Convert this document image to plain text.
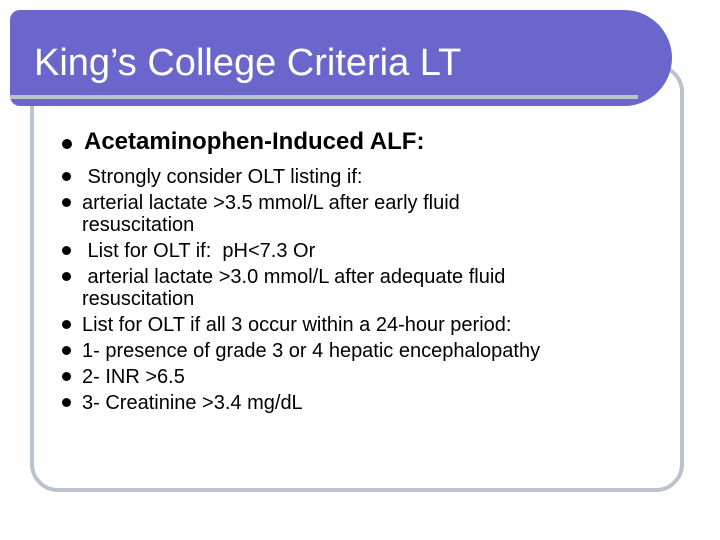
King’s College Criteria LT
Acetaminophen-Induced ALF:
Strongly consider OLT listing if:
arterial lactate >3.5 mmol/L after early fluid
resuscitation
List for OLT if:  pH<7.3 Or
arterial lactate >3.0 mmol/L after adequate fluid
resuscitation
List for OLT if all 3 occur within a 24-hour period:
1- presence of grade 3 or 4 hepatic encephalopathy
2- INR >6.5
3- Creatinine >3.4 mg/dL
